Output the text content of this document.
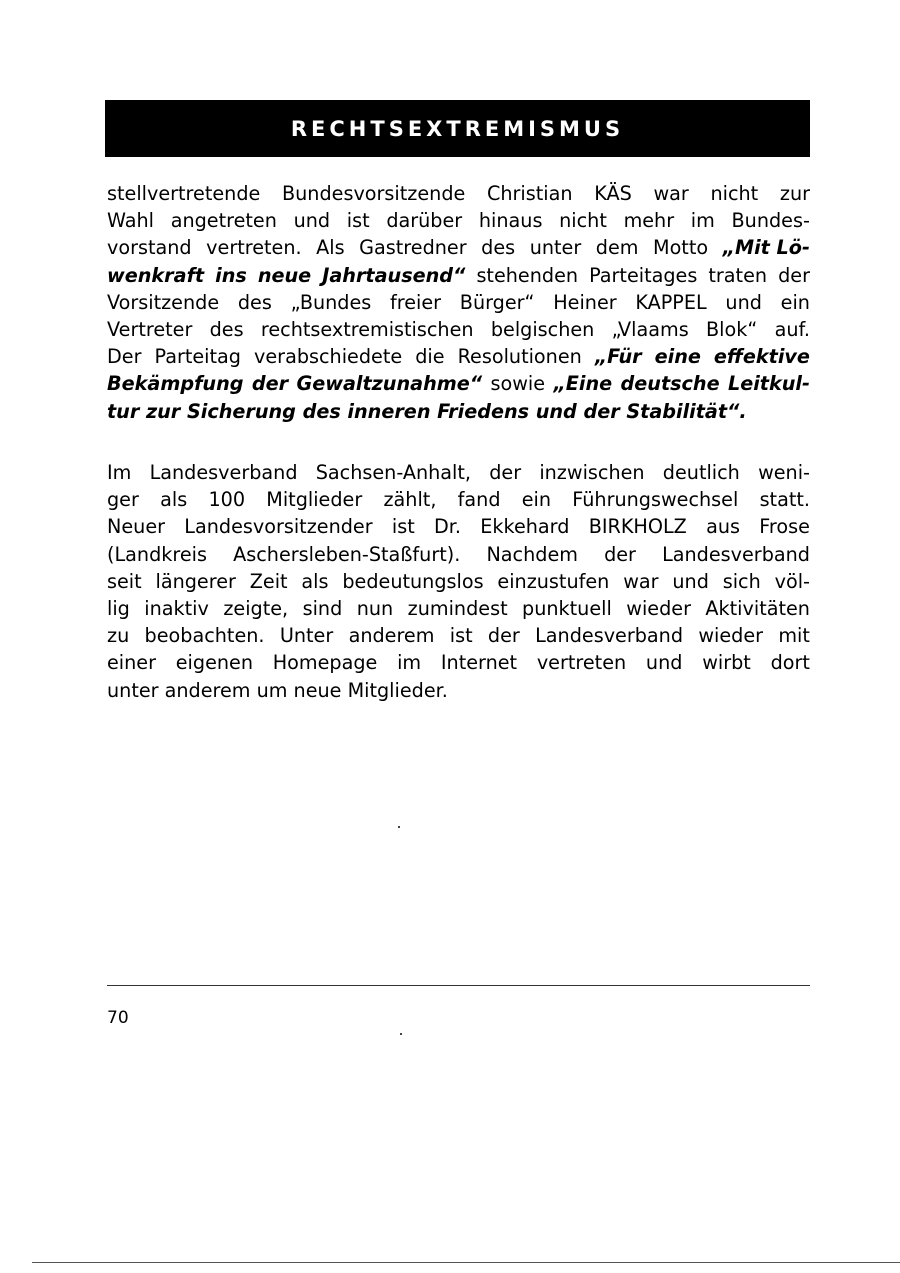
RECHTSEXTREMISMUS
stellvertretende Bundesvorsitzende Christian KÄS war nicht zur
Wahl angetreten und ist darüber hinaus nicht mehr im Bundes-
vorstand vertreten. Als Gastredner des unter dem Motto „Mit Lö-
wenkraft ins neue Jahrtausend“ stehenden Parteitages traten der
Vorsitzende des „Bundes freier Bürger“ Heiner KAPPEL und ein
Vertreter des rechtsextremistischen belgischen „Vlaams Blok“ auf.
Der Parteitag verabschiedete die Resolutionen „Für eine effektive
Bekämpfung der Gewaltzunahme“ sowie „Eine deutsche Leitkul-
tur zur Sicherung des inneren Friedens und der Stabilität“.
Im Landesverband Sachsen-Anhalt, der inzwischen deutlich weni-
ger als 100 Mitglieder zählt, fand ein Führungswechsel statt.
Neuer Landesvorsitzender ist Dr. Ekkehard BIRKHOLZ aus Frose
(Landkreis Aschersleben-Staßfurt). Nachdem der Landesverband
seit längerer Zeit als bedeutungslos einzustufen war und sich völ-
lig inaktiv zeigte, sind nun zumindest punktuell wieder Aktivitäten
zu beobachten. Unter anderem ist der Landesverband wieder mit
einer eigenen Homepage im Internet vertreten und wirbt dort
unter anderem um neue Mitglieder.
70
